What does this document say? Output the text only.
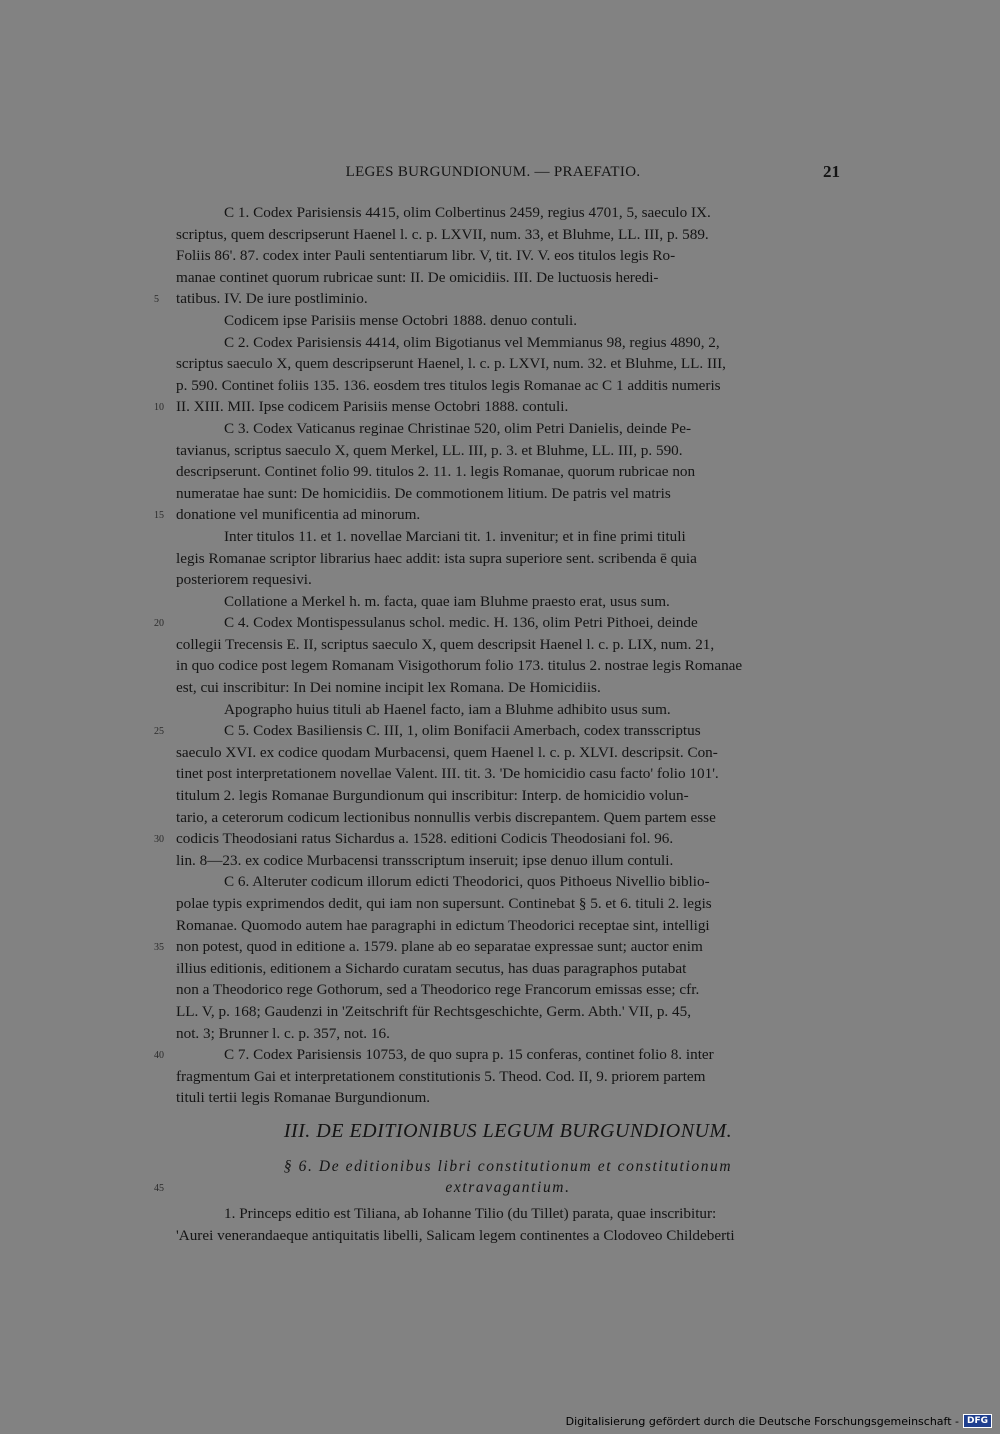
LEGES BURGUNDIONUM. — PRAEFATIO.	21
C 1. Codex Parisiensis 4415, olim Colbertinus 2459, regius 4701, 5, saeculo IX.
scriptus, quem descripserunt Haenel l. c. p. LXVII, num. 33, et Bluhme, LL. III, p. 589.
Foliis 86'. 87. codex inter Pauli sententiarum libr. V, tit. IV. V. eos titulos legis Ro-
manae continet quorum rubricae sunt: II. De omicidiis. III. De luctuosis heredi-
5 tatibus. IV. De iure postliminio.
Codicem ipse Parisiis mense Octobri 1888. denuo contuli.
C 2. Codex Parisiensis 4414, olim Bigotianus vel Memmianus 98, regius 4890, 2,
scriptus saeculo X, quem descripserunt Haenel, l. c. p. LXVI, num. 32. et Bluhme, LL. III,
p. 590. Continet foliis 135. 136. eosdem tres titulos legis Romanae ac C 1 additis numeris
10 II. XIII. MII. Ipse codicem Parisiis mense Octobri 1888. contuli.
C 3. Codex Vaticanus reginae Christinae 520, olim Petri Danielis, deinde Pe-
tavianus, scriptus saeculo X, quem Merkel, LL. III, p. 3. et Bluhme, LL. III, p. 590.
descripserunt. Continet folio 99. titulos 2. 11. 1. legis Romanae, quorum rubricae non
numeratae hae sunt: De homicidiis. De commotionem litium. De patris vel matris
15 donatione vel munificentia ad minorum.
Inter titulos 11. et 1. novellae Marciani tit. 1. invenitur; et in fine primi tituli
legis Romanae scriptor librarius haec addit: ista supra superiore sent. scribenda ē quia
posteriorem requesivi.
Collatione a Merkel h. m. facta, quae iam Bluhme praesto erat, usus sum.
20	C 4. Codex Montispessulanus schol. medic. H. 136, olim Petri Pithoei, deinde
collegii Trecensis E. II, scriptus saeculo X, quem descripsit Haenel l. c. p. LIX, num. 21,
in quo codice post legem Romanam Visigothorum folio 173. titulus 2. nostrae legis Romanae
est, cui inscribitur: In Dei nomine incipit lex Romana. De Homicidiis.
Apographo huius tituli ab Haenel facto, iam a Bluhme adhibito usus sum.
25	C 5. Codex Basiliensis C. III, 1, olim Bonifacii Amerbach, codex transscriptus
saeculo XVI. ex codice quodam Murbacensi, quem Haenel l. c. p. XLVI. descripsit. Con-
tinet post interpretationem novellae Valent. III. tit. 3. 'De homicidio casu facto' folio 101'.
titulum 2. legis Romanae Burgundionum qui inscribitur: Interp. de homicidio volun-
tario, a ceterorum codicum lectionibus nonnullis verbis discrepantem. Quem partem esse
30 codicis Theodosiani ratus Sichardus a. 1528. editioni Codicis Theodosiani fol. 96.
lin. 8—23. ex codice Murbacensi transscriptum inseruit; ipse denuo illum contuli.
C 6. Alteruter codicum illorum edicti Theodorici, quos Pithoeus Nivellio biblio-
polae typis exprimendos dedit, qui iam non supersunt. Continebat § 5. et 6. tituli 2. legis
Romanae. Quomodo autem hae paragraphi in edictum Theodorici receptae sint, intelligi
35 non potest, quod in editione a. 1579. plane ab eo separatae expressae sunt; auctor enim
illius editionis, editionem a Sichardo curatam secutus, has duas paragraphos putabat
non a Theodorico rege Gothorum, sed a Theodorico rege Francorum emissas esse; cfr.
LL. V, p. 168; Gaudenzi in 'Zeitschrift für Rechtsgeschichte, Germ. Abth.' VII, p. 45,
not. 3; Brunner l. c. p. 357, not. 16.
40	C 7. Codex Parisiensis 10753, de quo supra p. 15 conferas, continet folio 8. inter
fragmentum Gai et interpretationem constitutionis 5. Theod. Cod. II, 9. priorem partem
tituli tertii legis Romanae Burgundionum.
III. DE EDITIONIBUS LEGUM BURGUNDIONUM.
45
§ 6. De editionibus libri constitutionum et constitutionum
extravagantium.
1. Princeps editio est Tiliana, ab Iohanne Tilio (du Tillet) parata, quae inscribitur:
'Aurei venerandaeque antiquitatis libelli, Salicam legem continentes a Clodoveo Childeberti
Digitalisierung gefördert durch die Deutsche Forschungsgemeinschaft - DFG
